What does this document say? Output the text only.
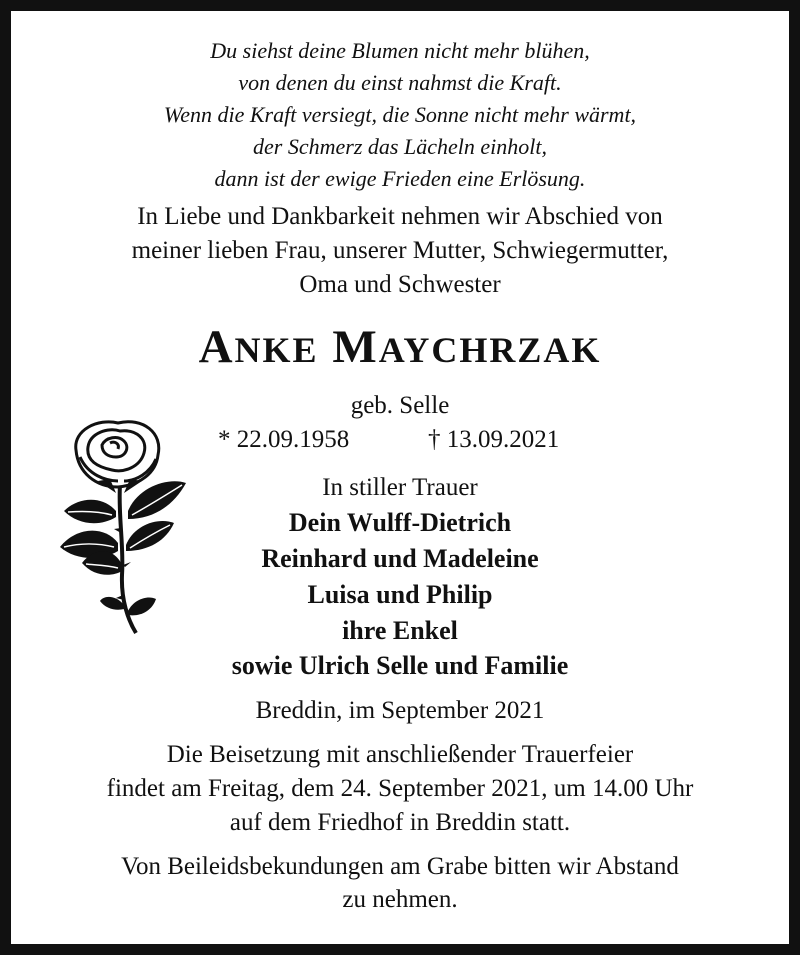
Du siehst deine Blumen nicht mehr blühen,
von denen du einst nahmst die Kraft.
Wenn die Kraft versiegt, die Sonne nicht mehr wärmt,
der Schmerz das Lächeln einholt,
dann ist der ewige Frieden eine Erlösung.
In Liebe und Dankbarkeit nehmen wir Abschied von
meiner lieben Frau, unserer Mutter, Schwiegermutter,
Oma und Schwester
ANKE MAYCHRZAK
geb. Selle
* 22.09.1958	† 13.09.2021
In stiller Trauer
Dein Wulff-Dietrich
Reinhard und Madeleine
Luisa und Philip
ihre Enkel
sowie Ulrich Selle und Familie
Breddin, im September 2021
Die Beisetzung mit anschließender Trauerfeier
findet am Freitag, dem 24. September 2021, um 14.00 Uhr
auf dem Friedhof in Breddin statt.
Von Beileidsbekundungen am Grabe bitten wir Abstand
zu nehmen.
